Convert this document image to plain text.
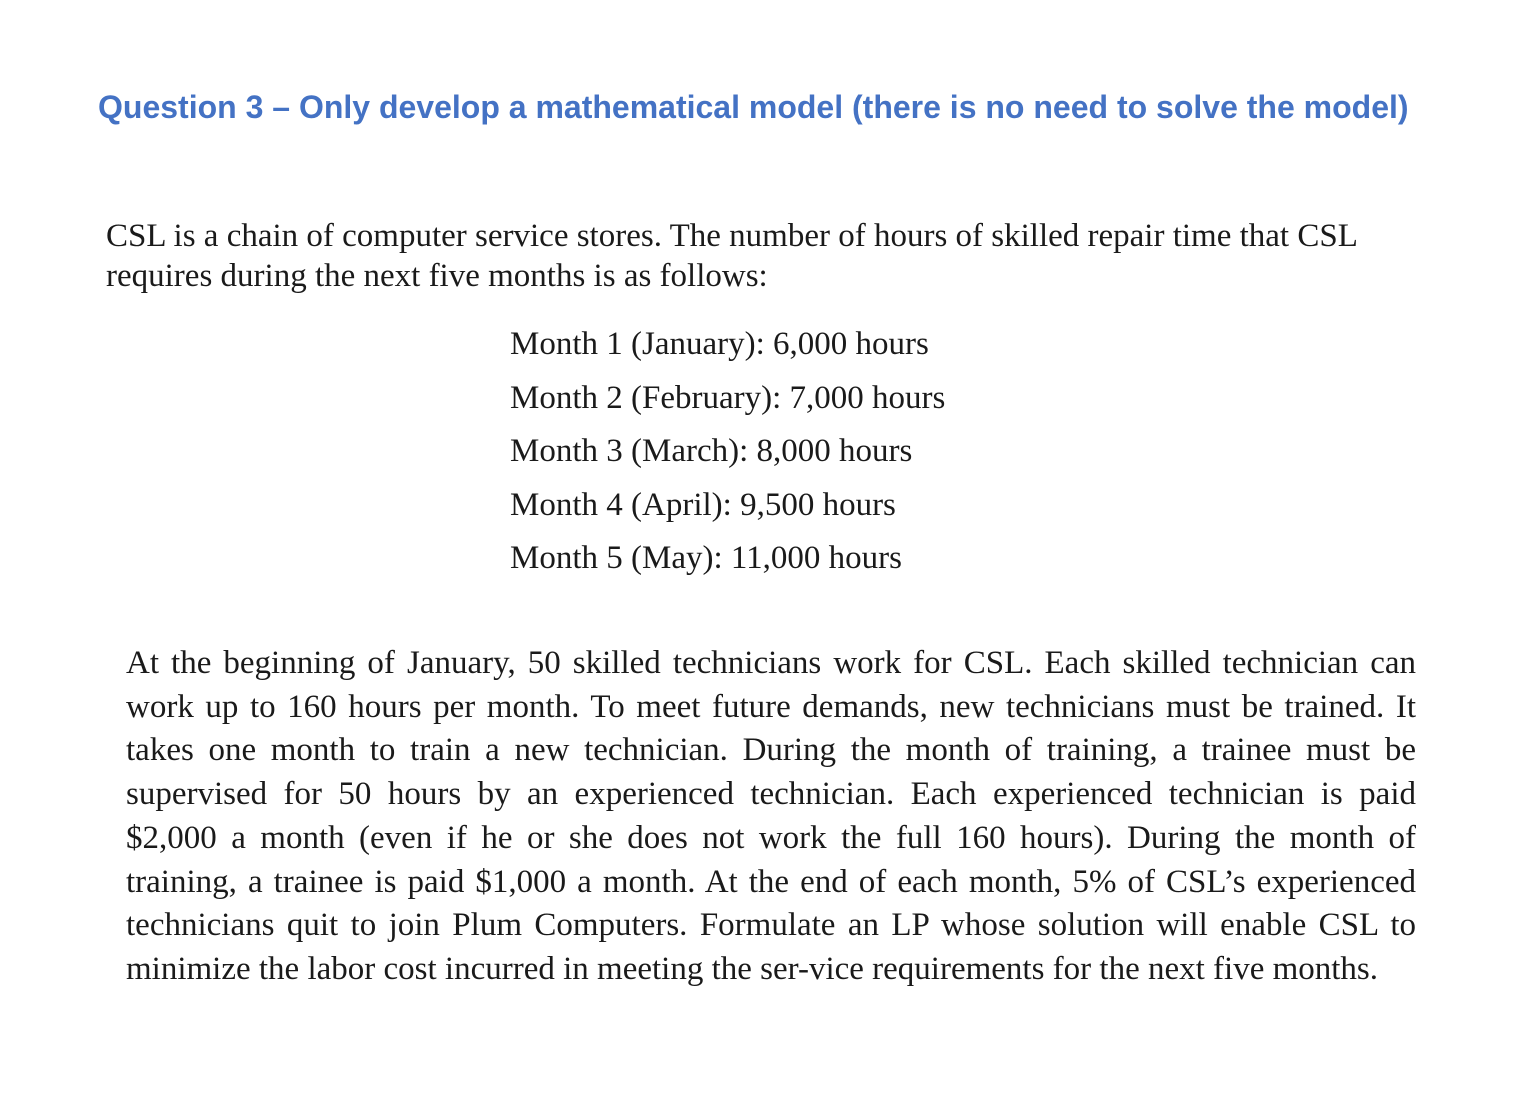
Question 3 – Only develop a mathematical model (there is no need to solve the model)

CSL is a chain of computer service stores. The number of hours of skilled repair time that CSL requires during the next five months is as follows:

Month 1 (January): 6,000 hours
Month 2 (February): 7,000 hours
Month 3 (March): 8,000 hours
Month 4 (April): 9,500 hours
Month 5 (May): 11,000 hours

At the beginning of January, 50 skilled technicians work for CSL. Each skilled technician can work up to 160 hours per month. To meet future demands, new technicians must be trained. It takes one month to train a new technician. During the month of training, a trainee must be supervised for 50 hours by an experienced technician. Each experienced technician is paid $2,000 a month (even if he or she does not work the full 160 hours). During the month of training, a trainee is paid $1,000 a month. At the end of each month, 5% of CSL’s experienced technicians quit to join Plum Computers. Formulate an LP whose solution will enable CSL to minimize the labor cost incurred in meeting the ser-vice requirements for the next five months.
